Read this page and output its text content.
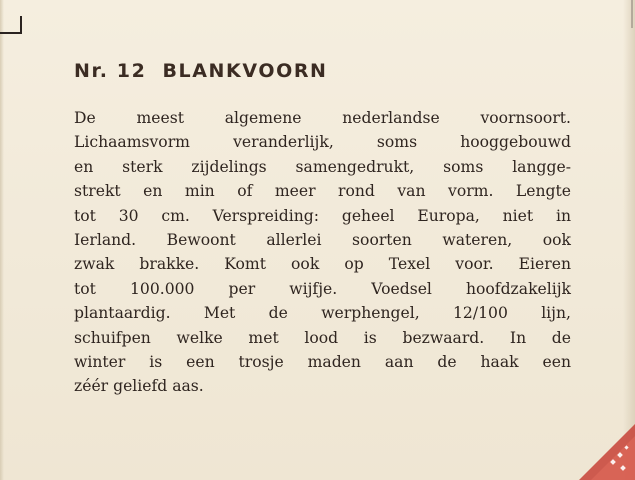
Nr. 12 BLANKVOORN

De meest algemene nederlandse voornsoort.
Lichaamsvorm veranderlijk, soms hooggebouwd
en sterk zijdelings samengedrukt, soms langge-
strekt en min of meer rond van vorm. Lengte
tot 30 cm. Verspreiding: geheel Europa, niet in
Ierland. Bewoont allerlei soorten wateren, ook
zwak brakke. Komt ook op Texel voor. Eieren
tot 100.000 per wijfje. Voedsel hoofdzakelijk
plantaardig. Met de werphengel, 12/100 lijn,
schuifpen welke met lood is bezwaard. In de
winter is een trosje maden aan de haak een
zéér geliefd aas.
